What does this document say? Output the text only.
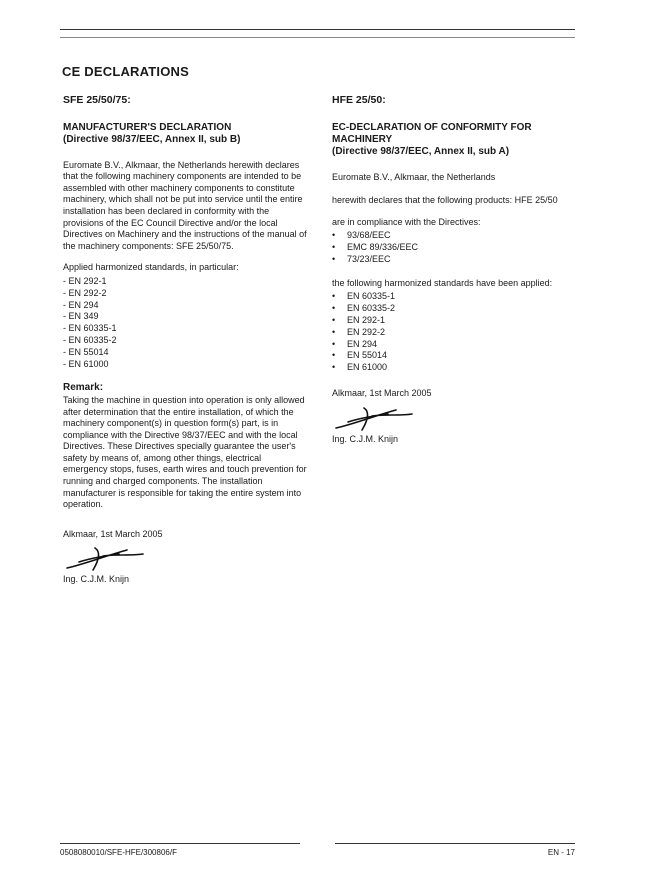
CE DECLARATIONS
SFE 25/50/75:
MANUFACTURER'S DECLARATION
(Directive 98/37/EEC, Annex II, sub B)

Euromate B.V., Alkmaar, the Netherlands herewith declares that the following machinery components are intended to be assembled with other machinery components to constitute machinery, which shall not be put into service until the entire installation has been declared in conformity with the provisions of the EC Council Directive and/or the local Directives on Machinery and the instructions of the manual of the machinery components: SFE 25/50/75.

Applied harmonized standards, in particular:

- EN 292-1
- EN 292-2
- EN 294
- EN 349
- EN 60335-1
- EN 60335-2
- EN 55014
- EN 61000
Remark:

Taking the machine in question into operation is only allowed after determination that the entire installation, of which the machinery component(s) in question form(s) part, is in compliance with the Directive 98/37/EEC and with the local Directives. These Directives specially guarantee the user's safety by means of, among other things, electrical emergency stops, fuses, earth wires and touch prevention for running and charged components. The installation manufacturer is responsible for taking the entire system into operation.

Alkmaar, 1st March 2005

Ing. C.J.M. Knijn

HFE 25/50:
EC-DECLARATION OF CONFORMITY FOR MACHINERY
(Directive 98/37/EEC, Annex II, sub A)

Euromate B.V., Alkmaar, the Netherlands

herewith declares that the following products: HFE 25/50

are in compliance with the Directives:

• 93/68/EEC
• EMC 89/336/EEC
• 73/23/EEC

the following harmonized standards have been applied:

• EN 60335-1
• EN 60335-2
• EN 292-1
• EN 292-2
• EN 294
• EN 55014
• EN 61000
Alkmaar, 1st March 2005

Ing. C.J.M. Knijn

0508080010/SFE-HFE/300806/F	EN - 17
